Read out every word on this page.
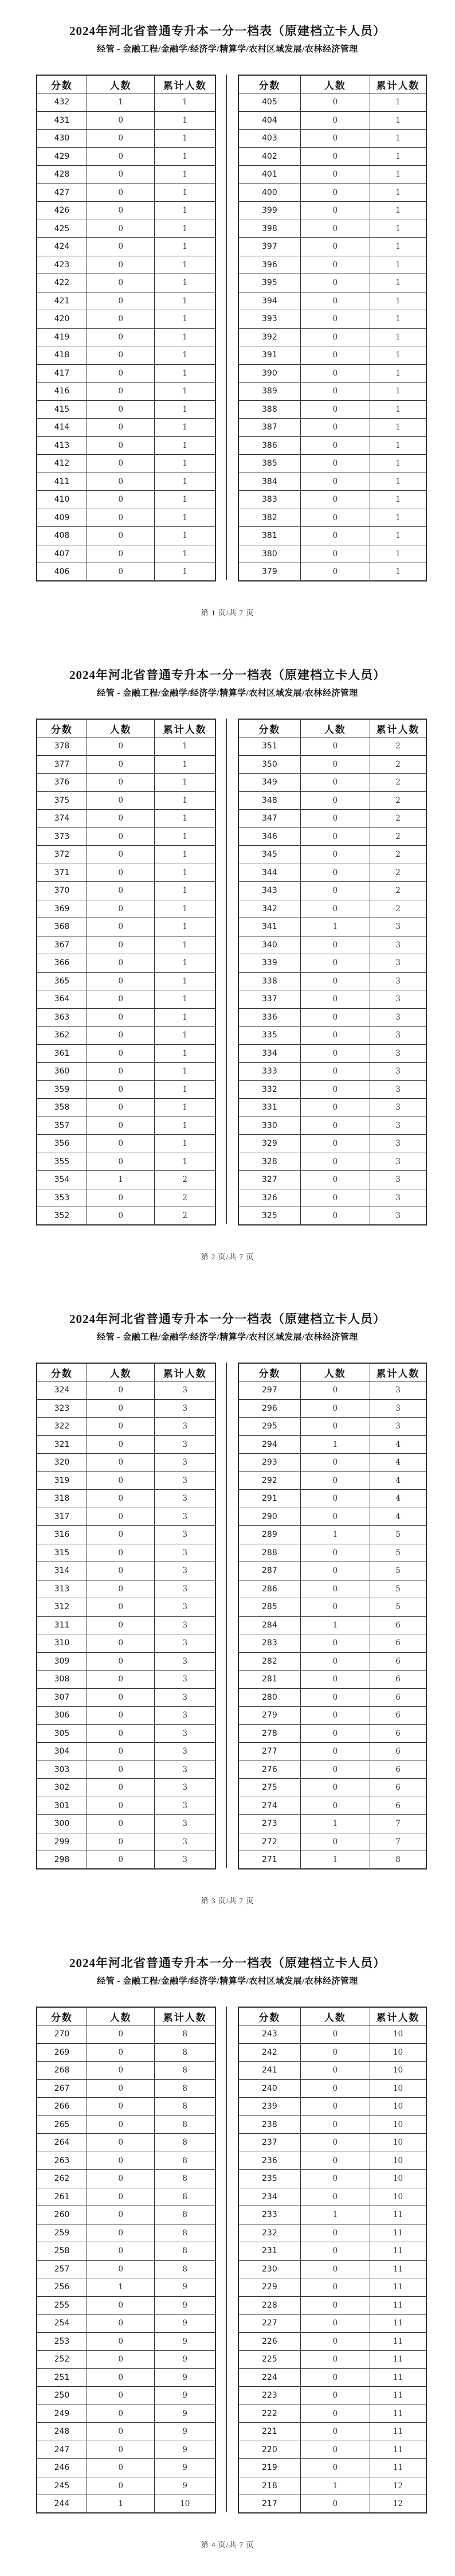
2024年河北省普通专升本一分一档表（原建档立卡人员）
经管 - 金融工程/金融学/经济学/精算学/农村区域发展/农林经济管理
分数	人数	累计人数
432	1	1
431	0	1
430	0	1
429	0	1
428	0	1
427	0	1
426	0	1
425	0	1
424	0	1
423	0	1
422	0	1
421	0	1
420	0	1
419	0	1
418	0	1
417	0	1
416	0	1
415	0	1
414	0	1
413	0	1
412	0	1
411	0	1
410	0	1
409	0	1
408	0	1
407	0	1
406	0	1
分数	人数	累计人数
405	0	1
404	0	1
403	0	1
402	0	1
401	0	1
400	0	1
399	0	1
398	0	1
397	0	1
396	0	1
395	0	1
394	0	1
393	0	1
392	0	1
391	0	1
390	0	1
389	0	1
388	0	1
387	0	1
386	0	1
385	0	1
384	0	1
383	0	1
382	0	1
381	0	1
380	0	1
379	0	1
第 1 页/共 7 页
2024年河北省普通专升本一分一档表（原建档立卡人员）
经管 - 金融工程/金融学/经济学/精算学/农村区域发展/农林经济管理
分数	人数	累计人数
378	0	1
377	0	1
376	0	1
375	0	1
374	0	1
373	0	1
372	0	1
371	0	1
370	0	1
369	0	1
368	0	1
367	0	1
366	0	1
365	0	1
364	0	1
363	0	1
362	0	1
361	0	1
360	0	1
359	0	1
358	0	1
357	0	1
356	0	1
355	0	1
354	1	2
353	0	2
352	0	2
分数	人数	累计人数
351	0	2
350	0	2
349	0	2
348	0	2
347	0	2
346	0	2
345	0	2
344	0	2
343	0	2
342	0	2
341	1	3
340	0	3
339	0	3
338	0	3
337	0	3
336	0	3
335	0	3
334	0	3
333	0	3
332	0	3
331	0	3
330	0	3
329	0	3
328	0	3
327	0	3
326	0	3
325	0	3
第 2 页/共 7 页
2024年河北省普通专升本一分一档表（原建档立卡人员）
经管 - 金融工程/金融学/经济学/精算学/农村区域发展/农林经济管理
分数	人数	累计人数
324	0	3
323	0	3
322	0	3
321	0	3
320	0	3
319	0	3
318	0	3
317	0	3
316	0	3
315	0	3
314	0	3
313	0	3
312	0	3
311	0	3
310	0	3
309	0	3
308	0	3
307	0	3
306	0	3
305	0	3
304	0	3
303	0	3
302	0	3
301	0	3
300	0	3
299	0	3
298	0	3
分数	人数	累计人数
297	0	3
296	0	3
295	0	3
294	1	4
293	0	4
292	0	4
291	0	4
290	0	4
289	1	5
288	0	5
287	0	5
286	0	5
285	0	5
284	1	6
283	0	6
282	0	6
281	0	6
280	0	6
279	0	6
278	0	6
277	0	6
276	0	6
275	0	6
274	0	6
273	1	7
272	0	7
271	1	8
第 3 页/共 7 页
2024年河北省普通专升本一分一档表（原建档立卡人员）
经管 - 金融工程/金融学/经济学/精算学/农村区域发展/农林经济管理
分数	人数	累计人数
270	0	8
269	0	8
268	0	8
267	0	8
266	0	8
265	0	8
264	0	8
263	0	8
262	0	8
261	0	8
260	0	8
259	0	8
258	0	8
257	0	8
256	1	9
255	0	9
254	0	9
253	0	9
252	0	9
251	0	9
250	0	9
249	0	9
248	0	9
247	0	9
246	0	9
245	0	9
244	1	10
分数	人数	累计人数
243	0	10
242	0	10
241	0	10
240	0	10
239	0	10
238	0	10
237	0	10
236	0	10
235	0	10
234	0	10
233	1	11
232	0	11
231	0	11
230	0	11
229	0	11
228	0	11
227	0	11
226	0	11
225	0	11
224	0	11
223	0	11
222	0	11
221	0	11
220	0	11
219	0	11
218	1	12
217	0	12
第 4 页/共 7 页
